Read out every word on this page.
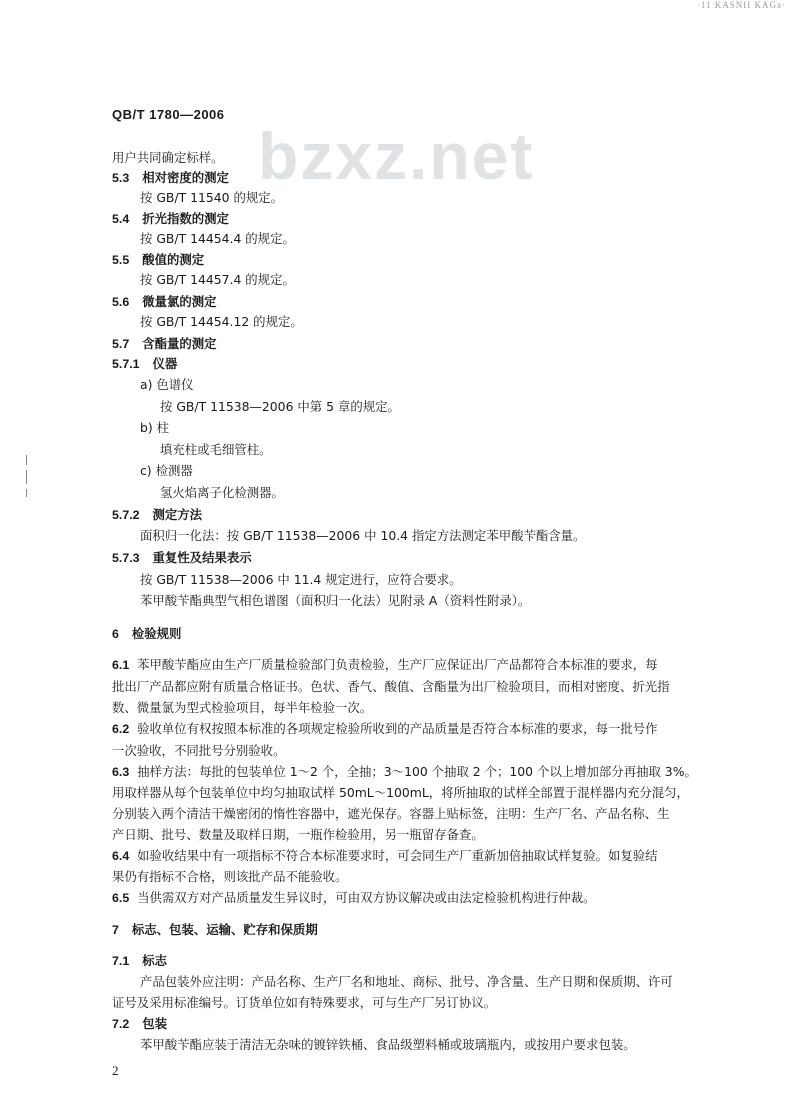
·11 KASNII KAGa·
bzxz.net
QB/T 1780—2006
用户共同确定标样。
5.3 相对密度的测定
按 GB/T 11540 的规定。
5.4 折光指数的测定
按 GB/T 14454.4 的规定。
5.5 酸值的测定
按 GB/T 14457.4 的规定。
5.6 微量氯的测定
按 GB/T 14454.12 的规定。
5.7 含酯量的测定
5.7.1 仪器
a) 色谱仪
按 GB/T 11538—2006 中第 5 章的规定。
b) 柱
填充柱或毛细管柱。
c) 检测器
氢火焰离子化检测器。
5.7.2 测定方法
面积归一化法：按 GB/T 11538—2006 中 10.4 指定方法测定苯甲酸苄酯含量。
5.7.3 重复性及结果表示
按 GB/T 11538—2006 中 11.4 规定进行，应符合要求。
苯甲酸苄酯典型气相色谱图（面积归一化法）见附录 A（资料性附录）。
6 检验规则
6.1 苯甲酸苄酯应由生产厂质量检验部门负责检验，生产厂应保证出厂产品都符合本标准的要求，每
批出厂产品都应附有质量合格证书。色状、香气、酸值、含酯量为出厂检验项目，而相对密度、折光指
数、微量氯为型式检验项目，每半年检验一次。
6.2 验收单位有权按照本标准的各项规定检验所收到的产品质量是否符合本标准的要求，每一批号作
一次验收，不同批号分别验收。
6.3 抽样方法：每批的包装单位 1～2 个，全抽；3～100 个抽取 2 个；100 个以上增加部分再抽取 3%。
用取样器从每个包装单位中均匀抽取试样 50mL～100mL，将所抽取的试样全部置于混样器内充分混匀，
分别装入两个清洁干燥密闭的惰性容器中，遮光保存。容器上贴标签，注明：生产厂名、产品名称、生
产日期、批号、数量及取样日期，一瓶作检验用，另一瓶留存备查。
6.4 如验收结果中有一项指标不符合本标准要求时，可会同生产厂重新加倍抽取试样复验。如复验结
果仍有指标不合格，则该批产品不能验收。
6.5 当供需双方对产品质量发生异议时，可由双方协议解决或由法定检验机构进行仲裁。
7 标志、包装、运输、贮存和保质期
7.1 标志
产品包装外应注明：产品名称、生产厂名和地址、商标、批号、净含量、生产日期和保质期、许可
证号及采用标准编号。订货单位如有特殊要求，可与生产厂另订协议。
7.2 包装
苯甲酸苄酯应装于清洁无杂味的镀锌铁桶、食品级塑料桶或玻璃瓶内，或按用户要求包装。
2
